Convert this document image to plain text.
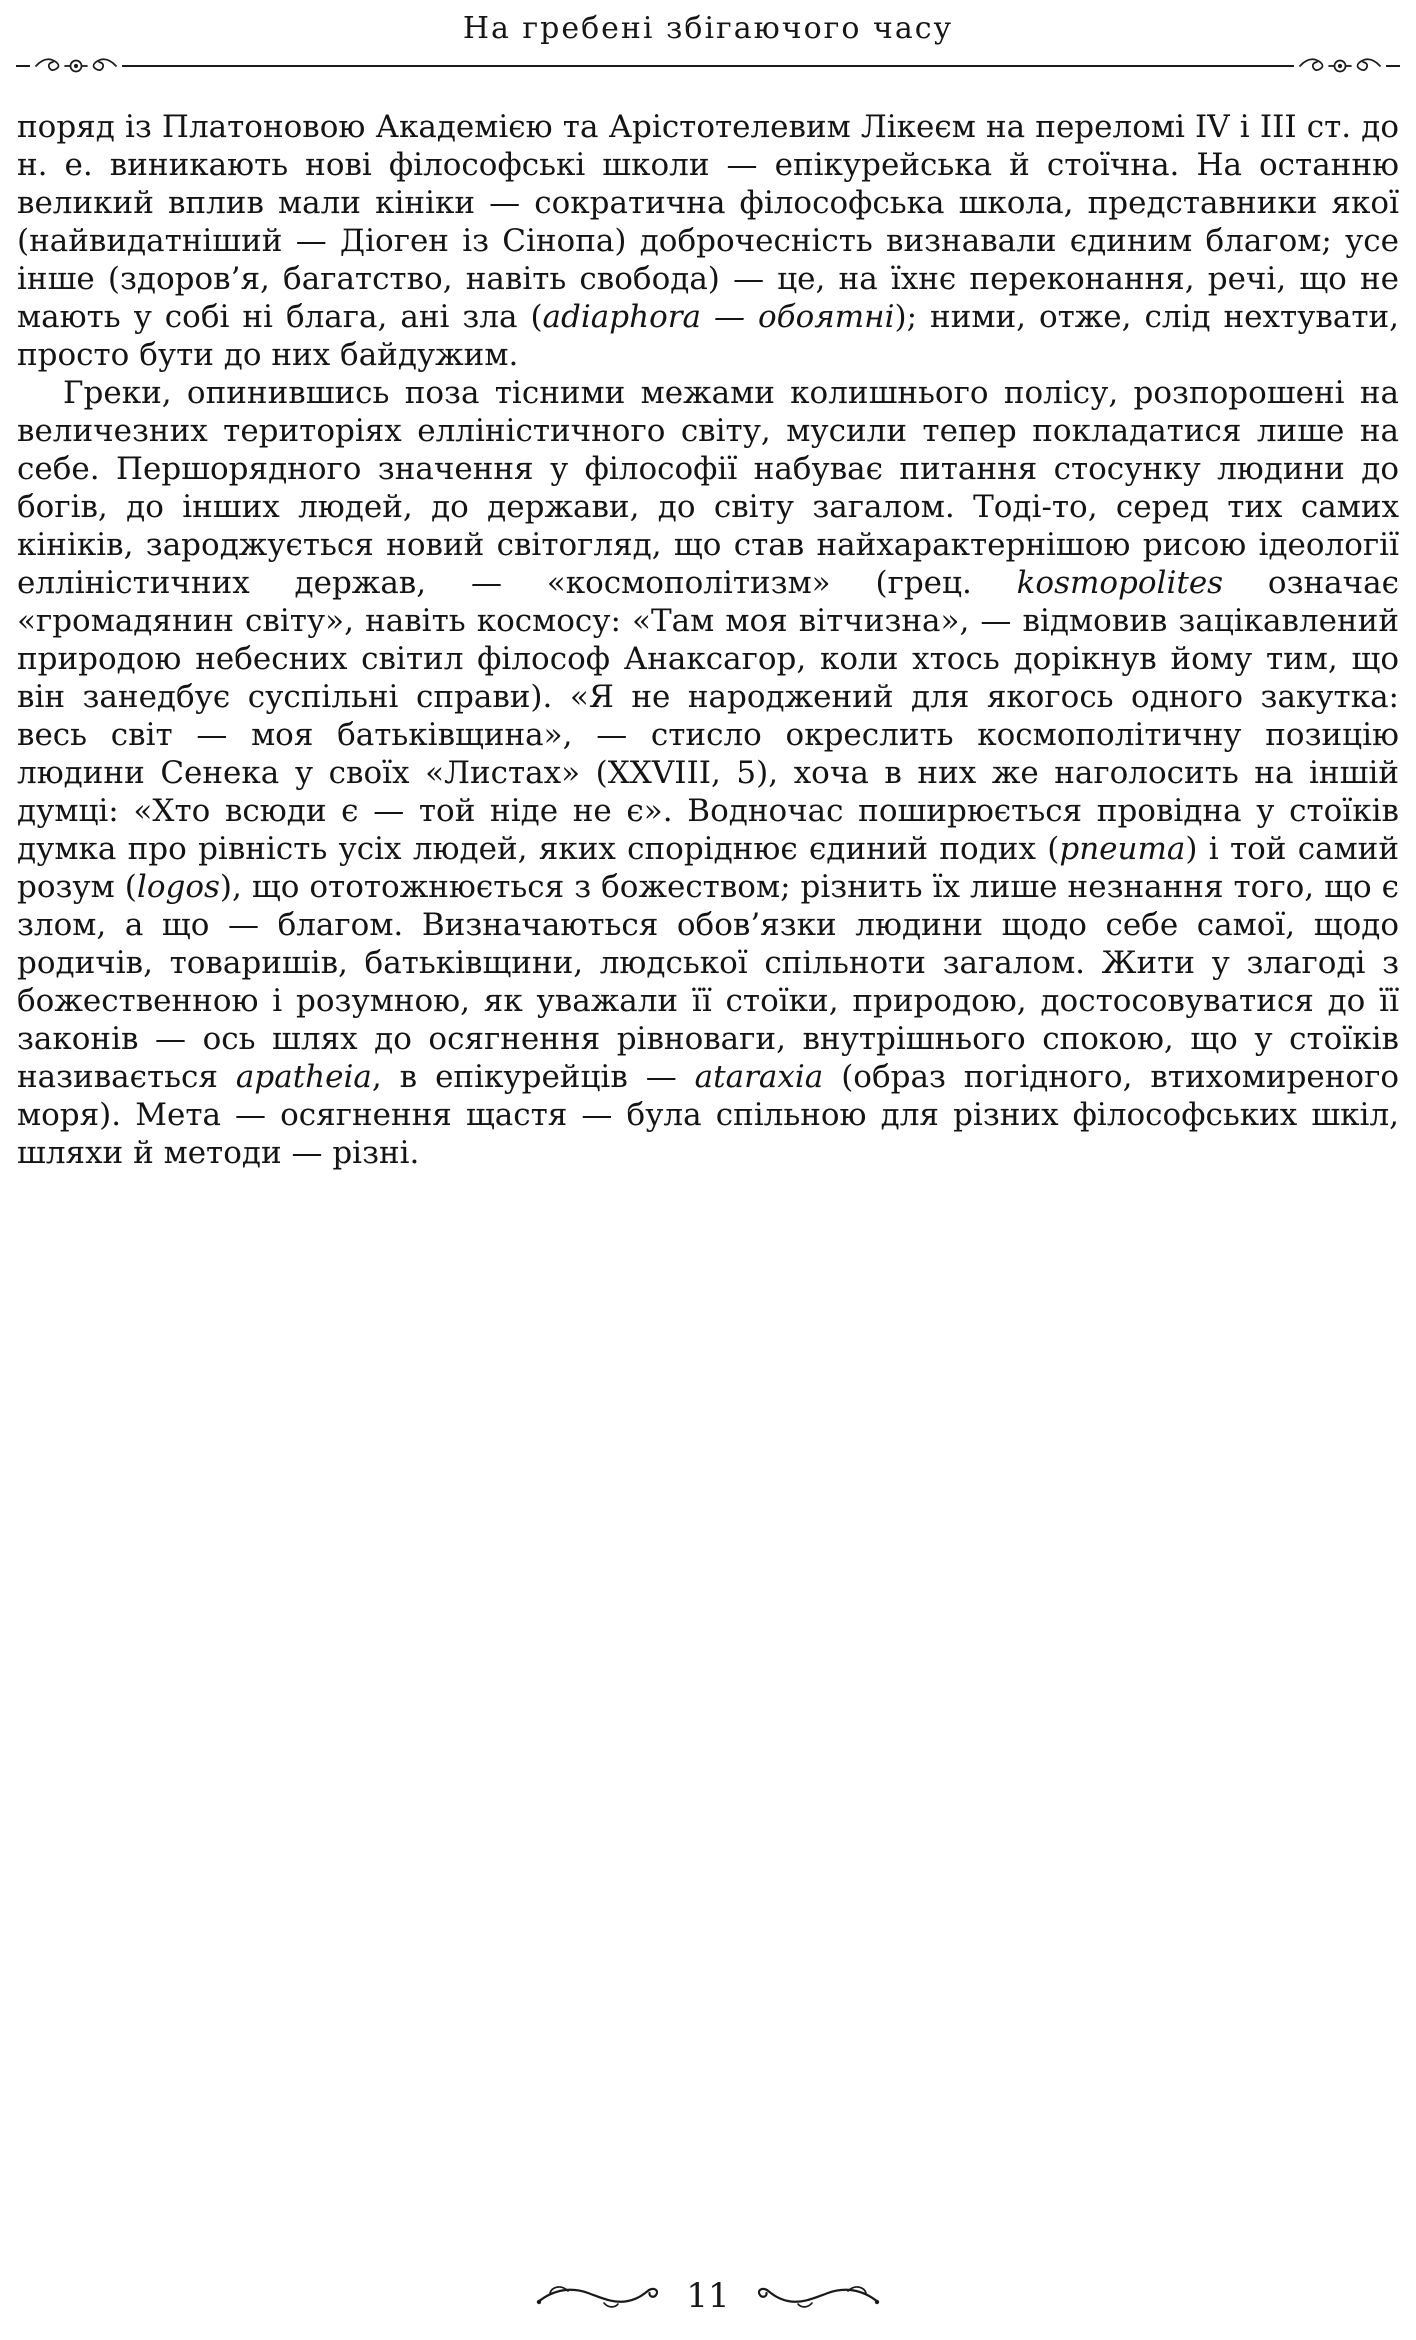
На гребені збігаючого часу

поряд із Платоновою Академією та Арістотелевим Лікеєм на переломі IV і III ст. до н. е. виникають нові філософські школи — епікурейська й стоїчна. На останню великий вплив мали кініки — сократична філософська школа, представники якої (найвидатніший — Діоген із Сінопа) доброчесність визнавали єдиним благом; усе інше (здоров’я, багатство, навіть свобода) — це, на їхнє переконання, речі, що не мають у собі ні блага, ані зла (adiaphora — обоятні); ними, отже, слід нехтувати, просто бути до них байдужим.

Греки, опинившись поза тісними межами колишнього полісу, розпорошені на величезних територіях елліністичного світу, мусили тепер покладатися лише на себе. Першорядного значення у філософії набуває питання стосунку людини до богів, до інших людей, до держави, до світу загалом. Тоді-то, серед тих самих кініків, зароджується новий світогляд, що став найхарактернішою рисою ідеології елліністичних держав, — «космополітизм» (грец. kosmopolites означає «громадянин світу», навіть космосу: «Там моя вітчизна», — відмовив зацікавлений природою небесних світил філософ Анаксагор, коли хтось дорікнув йому тим, що він занедбує суспільні справи). «Я не народжений для якогось одного закутка: весь світ — моя батьківщина», — стисло окреслить космополітичну позицію людини Сенека у своїх «Листах» (XXVIII, 5), хоча в них же наголосить на іншій думці: «Хто всюди є — той ніде не є». Водночас поширюється провідна у стоїків думка про рівність усіх людей, яких споріднює єдиний подих (pneuma) і той самий розум (logos), що ототожнюється з божеством; різнить їх лише незнання того, що є злом, а що — благом. Визначаються обов’язки людини щодо себе самої, щодо родичів, товаришів, батьківщини, людської спільноти загалом. Жити у злагоді з божественною і розумною, як уважали її стоїки, природою, достосовуватися до її законів — ось шлях до осягнення рівноваги, внутрішнього спокою, що у стоїків називається apatheia, в епікурейців — ataraxia (образ погідного, втихомиреного моря). Мета — осягнення щастя — була спільною для різних філософських шкіл, шляхи й методи — різні.

11
